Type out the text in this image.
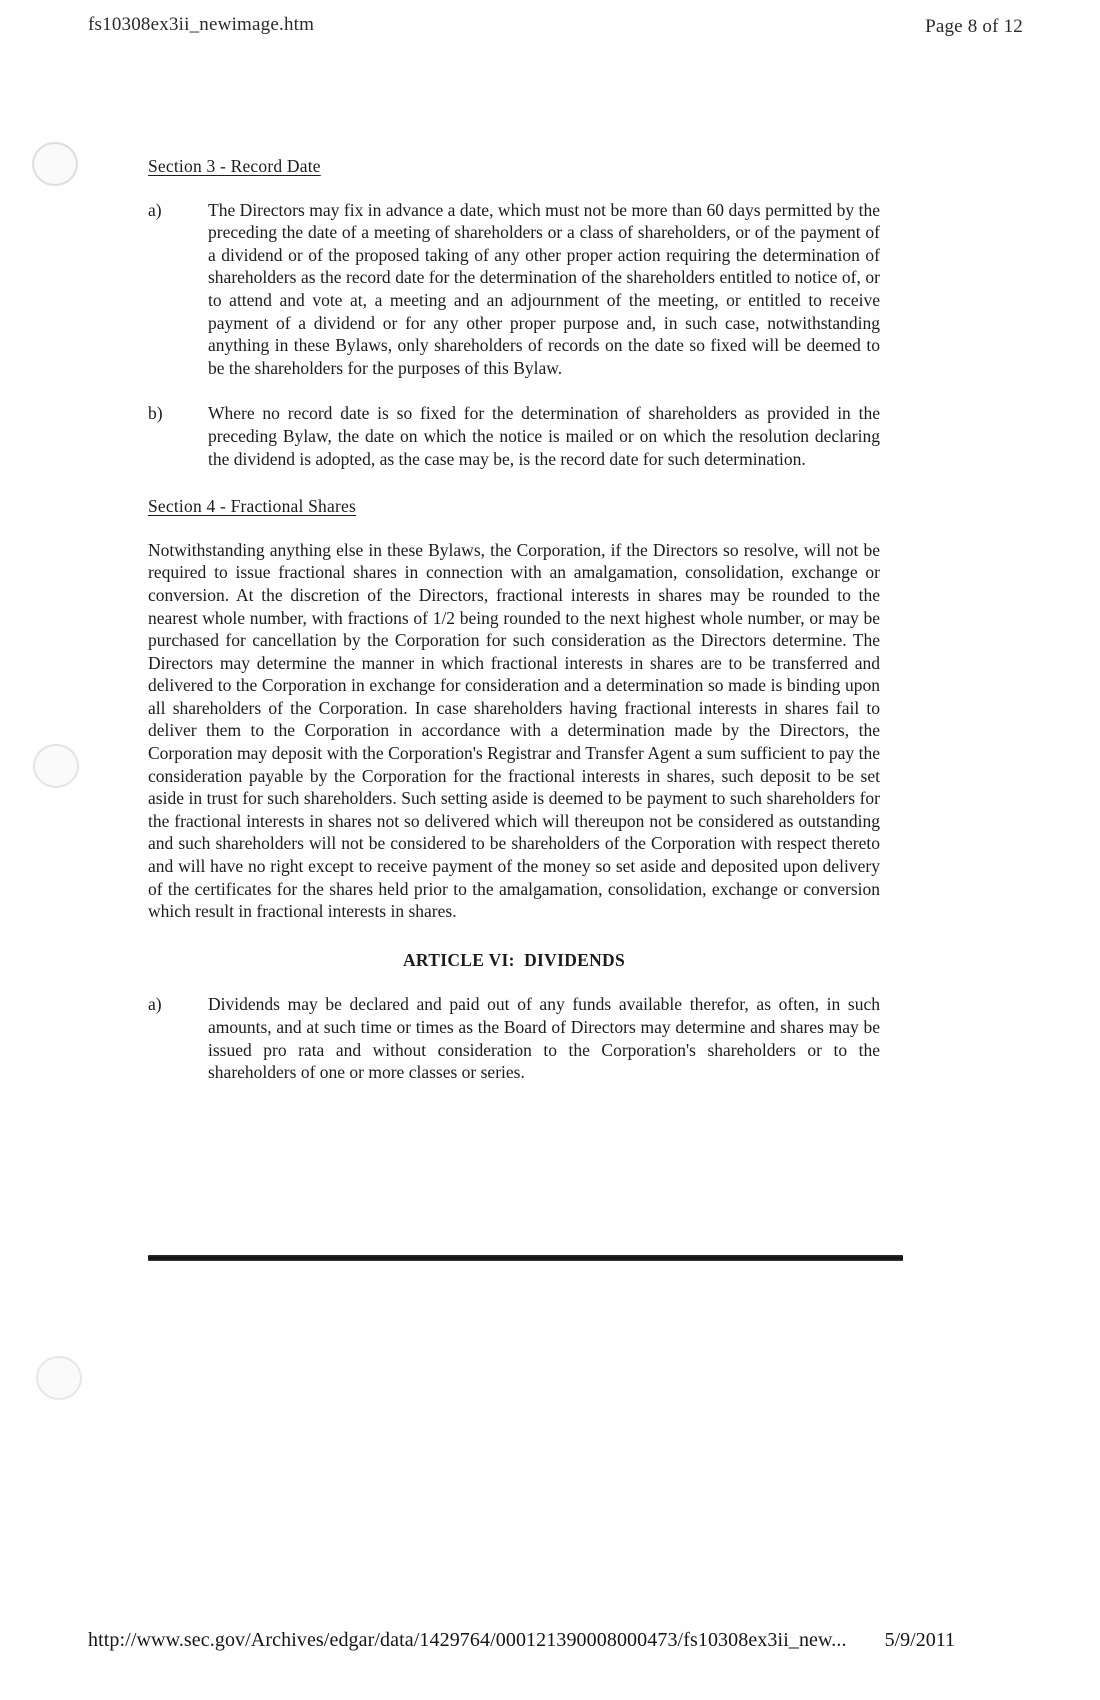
fs10308ex3ii_newimage.htm	Page 8 of 12
Section 3 - Record Date
a)	The Directors may fix in advance a date, which must not be more than 60 days permitted by the preceding the date of a meeting of shareholders or a class of shareholders, or of the payment of a dividend or of the proposed taking of any other proper action requiring the determination of shareholders as the record date for the determination of the shareholders entitled to notice of, or to attend and vote at, a meeting and an adjournment of the meeting, or entitled to receive payment of a dividend or for any other proper purpose and, in such case, notwithstanding anything in these Bylaws, only shareholders of records on the date so fixed will be deemed to be the shareholders for the purposes of this Bylaw.
b)	Where no record date is so fixed for the determination of shareholders as provided in the preceding Bylaw, the date on which the notice is mailed or on which the resolution declaring the dividend is adopted, as the case may be, is the record date for such determination.
Section 4 - Fractional Shares
Notwithstanding anything else in these Bylaws, the Corporation, if the Directors so resolve, will not be required to issue fractional shares in connection with an amalgamation, consolidation, exchange or conversion. At the discretion of the Directors, fractional interests in shares may be rounded to the nearest whole number, with fractions of 1/2 being rounded to the next highest whole number, or may be purchased for cancellation by the Corporation for such consideration as the Directors determine. The Directors may determine the manner in which fractional interests in shares are to be transferred and delivered to the Corporation in exchange for consideration and a determination so made is binding upon all shareholders of the Corporation. In case shareholders having fractional interests in shares fail to deliver them to the Corporation in accordance with a determination made by the Directors, the Corporation may deposit with the Corporation's Registrar and Transfer Agent a sum sufficient to pay the consideration payable by the Corporation for the fractional interests in shares, such deposit to be set aside in trust for such shareholders. Such setting aside is deemed to be payment to such shareholders for the fractional interests in shares not so delivered which will thereupon not be considered as outstanding and such shareholders will not be considered to be shareholders of the Corporation with respect thereto and will have no right except to receive payment of the money so set aside and deposited upon delivery of the certificates for the shares held prior to the amalgamation, consolidation, exchange or conversion which result in fractional interests in shares.
ARTICLE VI:  DIVIDENDS
a)	Dividends may be declared and paid out of any funds available therefor, as often, in such amounts, and at such time or times as the Board of Directors may determine and shares may be issued pro rata and without consideration to the Corporation's shareholders or to the shareholders of one or more classes or series.
http://www.sec.gov/Archives/edgar/data/1429764/000121390008000473/fs10308ex3ii_new... 5/9/2011
